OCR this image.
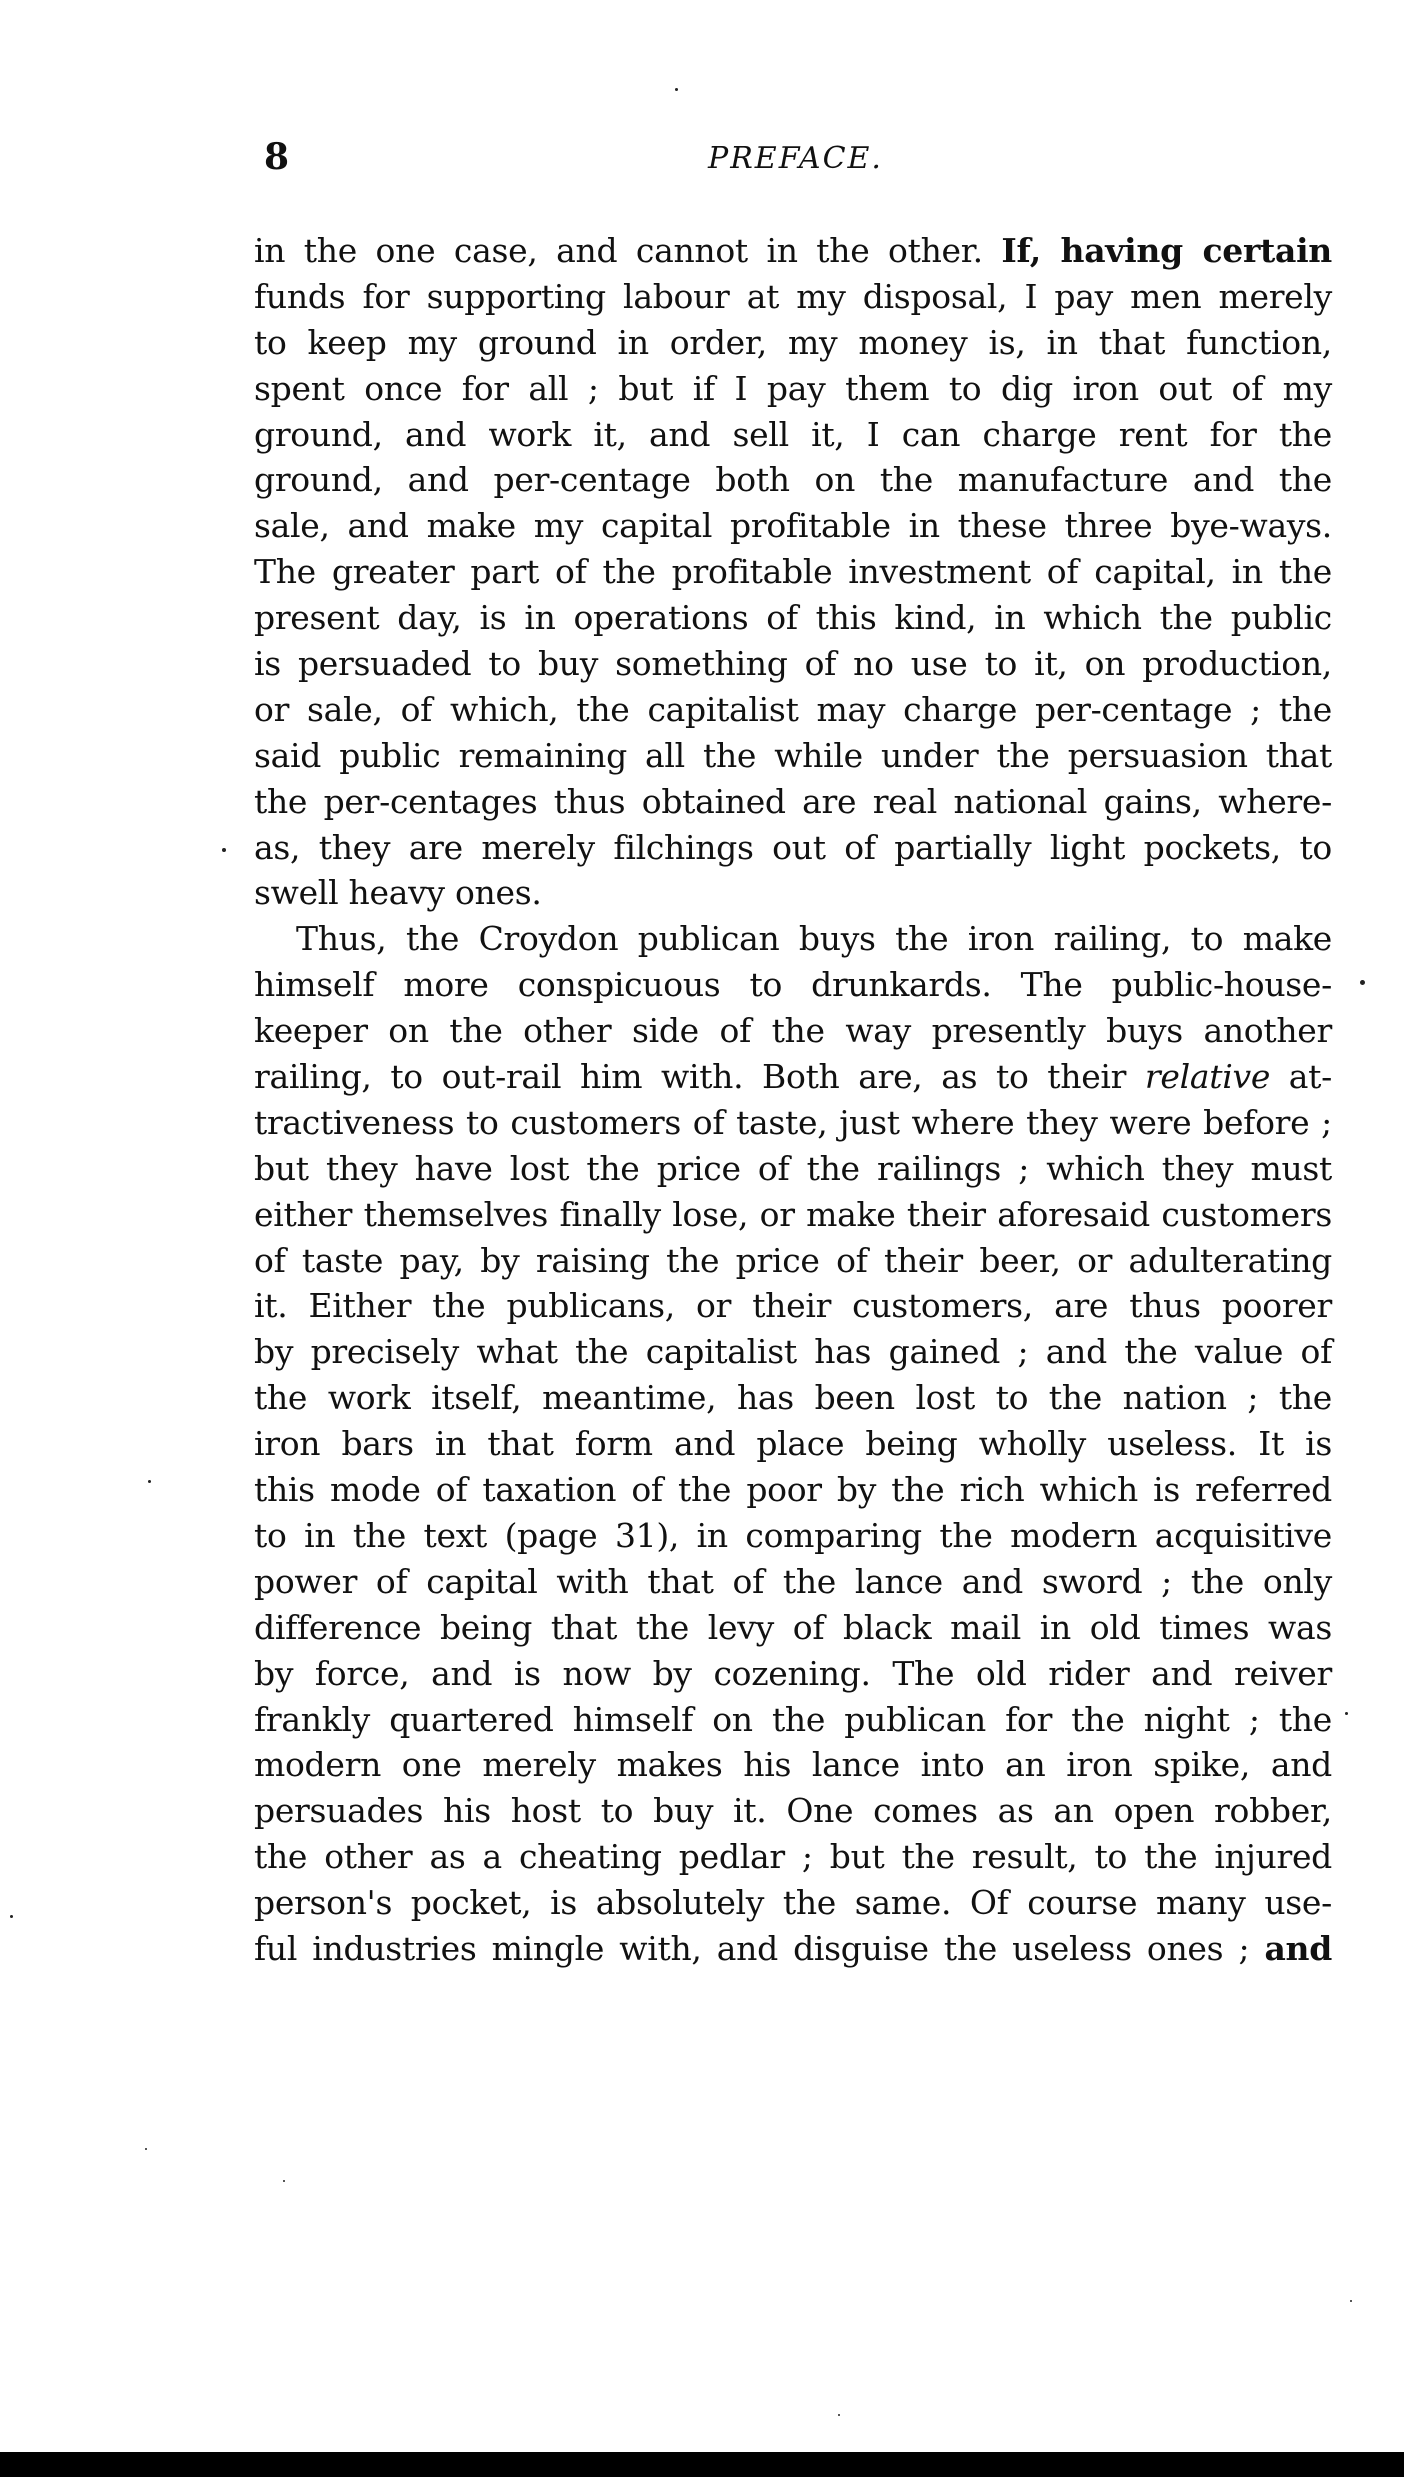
8	PREFACE.
in the one case, and cannot in the other. If, having certain
funds for supporting labour at my disposal, I pay men merely
to keep my ground in order, my money is, in that function,
spent once for all ; but if I pay them to dig iron out of my
ground, and work it, and sell it, I can charge rent for the
ground, and per-centage both on the manufacture and the
sale, and make my capital profitable in these three bye-ways.
The greater part of the profitable investment of capital, in the
present day, is in operations of this kind, in which the public
is persuaded to buy something of no use to it, on production,
or sale, of which, the capitalist may charge per-centage ; the
said public remaining all the while under the persuasion that
the per-centages thus obtained are real national gains, where-
as, they are merely filchings out of partially light pockets, to
swell heavy ones.
Thus, the Croydon publican buys the iron railing, to make
himself more conspicuous to drunkards. The public-house-
keeper on the other side of the way presently buys another
railing, to out-rail him with. Both are, as to their relative at-
tractiveness to customers of taste, just where they were before ;
but they have lost the price of the railings ; which they must
either themselves finally lose, or make their aforesaid customers
of taste pay, by raising the price of their beer, or adulterating
it. Either the publicans, or their customers, are thus poorer
by precisely what the capitalist has gained ; and the value of
the work itself, meantime, has been lost to the nation ; the
iron bars in that form and place being wholly useless. It is
this mode of taxation of the poor by the rich which is referred
to in the text (page 31), in comparing the modern acquisitive
power of capital with that of the lance and sword ; the only
difference being that the levy of black mail in old times was
by force, and is now by cozening. The old rider and reiver
frankly quartered himself on the publican for the night ; the
modern one merely makes his lance into an iron spike, and
persuades his host to buy it. One comes as an open robber,
the other as a cheating pedlar ; but the result, to the injured
person's pocket, is absolutely the same. Of course many use-
ful industries mingle with, and disguise the useless ones ; and
